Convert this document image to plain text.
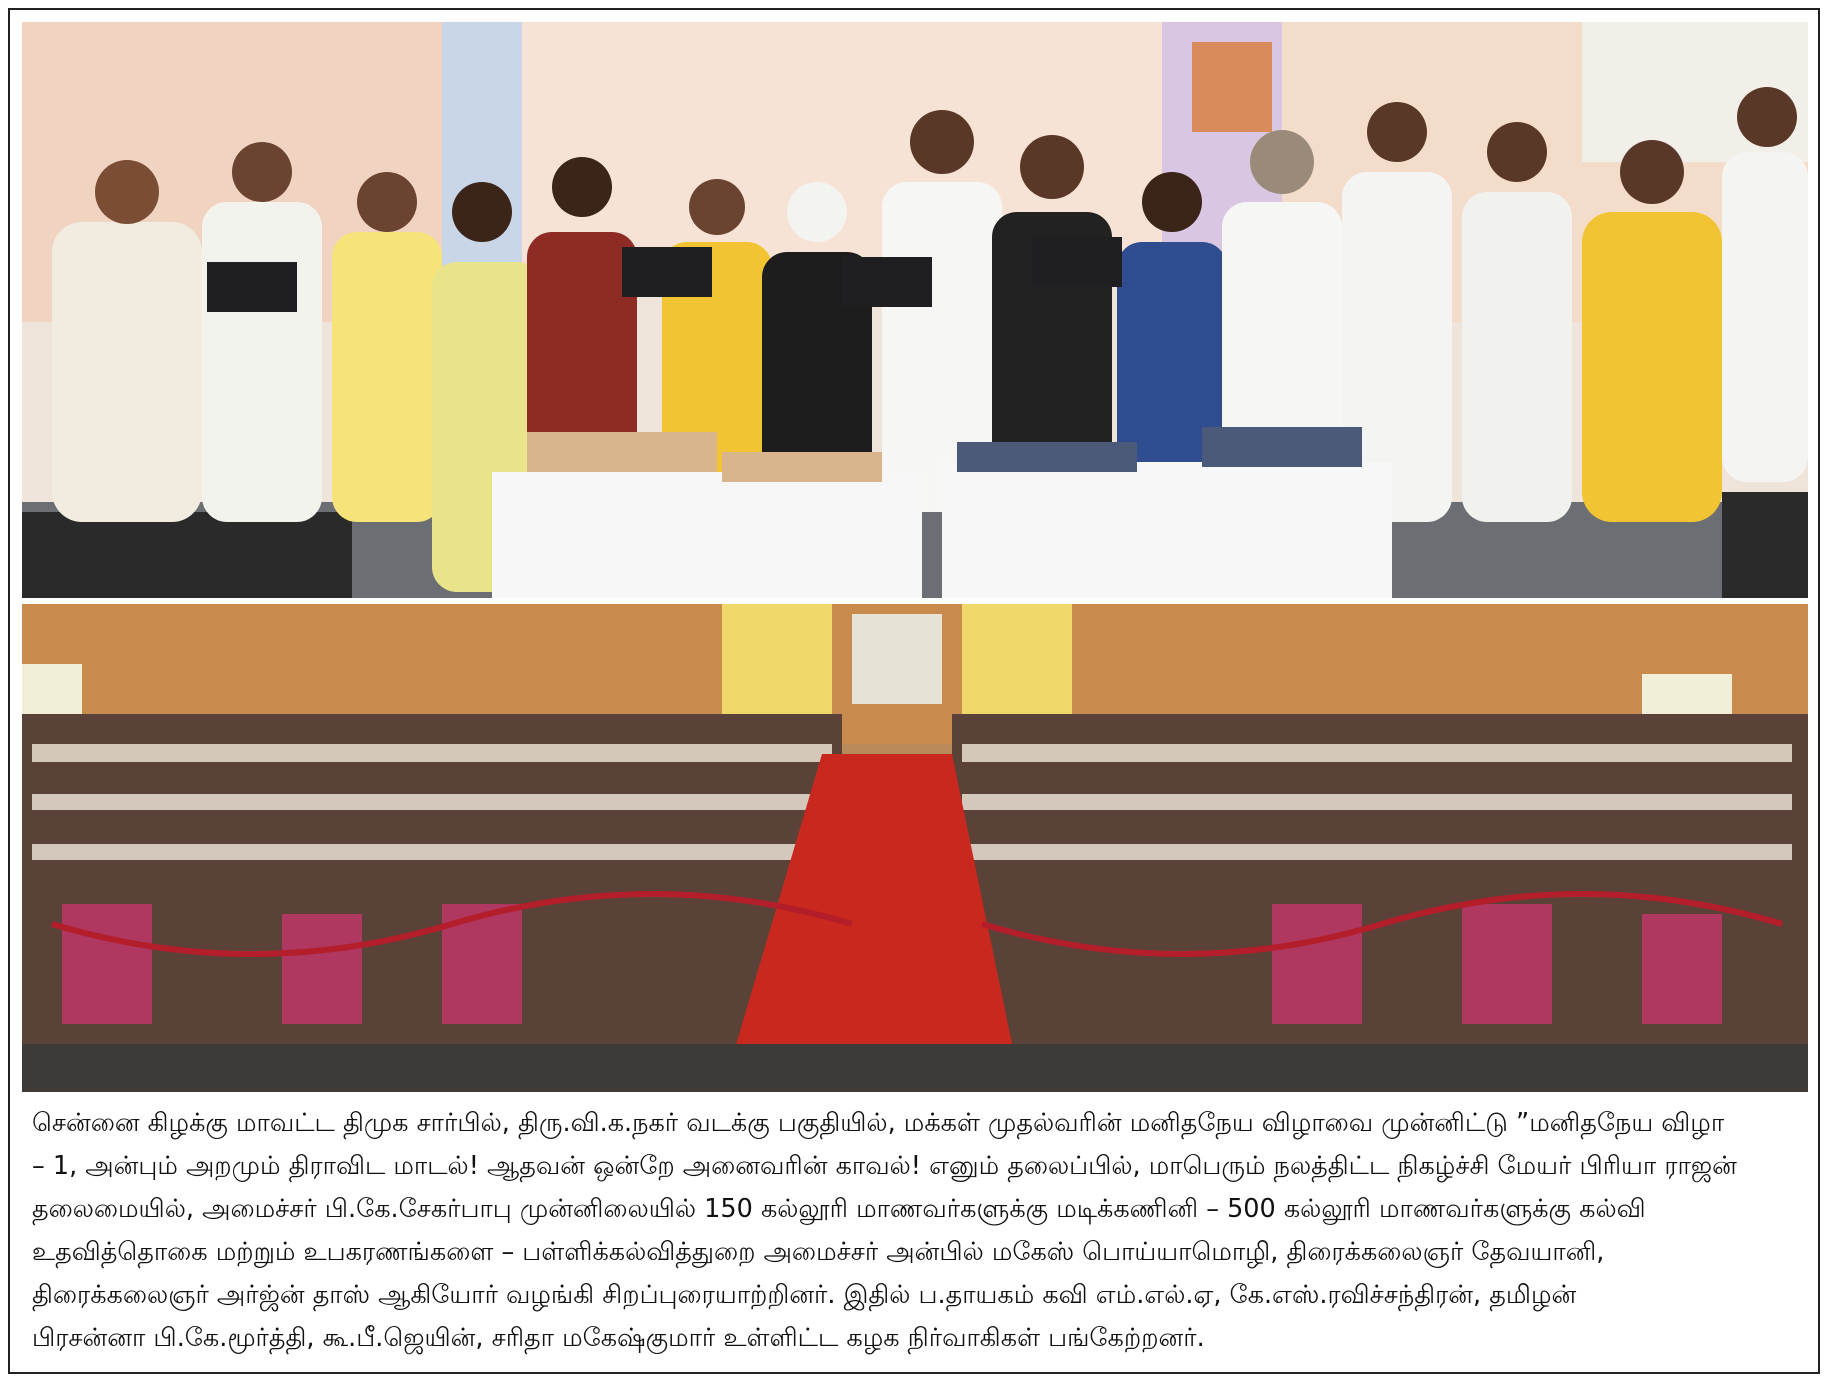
சென்னை கிழக்கு மாவட்ட திமுக சார்பில், திரு.வி.க.நகர் வடக்கு பகுதியில், மக்கள் முதல்வரின் மனிதநேய விழாவை முன்னிட்டு ”மனிதநேய விழா
– 1, அன்பும் அறமும் திராவிட மாடல்! ஆதவன் ஒன்றே அனைவரின் காவல்! எனும் தலைப்பில், மாபெரும் நலத்திட்ட நிகழ்ச்சி மேயர் பிரியா ராஜன்
தலைமையில், அமைச்சர் பி.கே.சேகர்பாபு முன்னிலையில் 150 கல்லூரி மாணவர்களுக்கு மடிக்கணினி – 500 கல்லூரி மாணவர்களுக்கு கல்வி
உதவித்தொகை மற்றும் உபகரணங்களை – பள்ளிக்கல்வித்துறை அமைச்சர் அன்பில் மகேஸ் பொய்யாமொழி, திரைக்கலைஞர் தேவயானி,
திரைக்கலைஞர் அர்ஜ்ன் தாஸ் ஆகியோர் வழங்கி சிறப்புரையாற்றினர். இதில் ப.தாயகம் கவி எம்.எல்.ஏ, கே.எஸ்.ரவிச்சந்திரன், தமிழன்
பிரசன்னா பி.கே.மூர்த்தி, கூ.பீ.ஜெயின், சரிதா மகேஷ்குமார் உள்ளிட்ட கழக நிர்வாகிகள் பங்கேற்றனர்.
